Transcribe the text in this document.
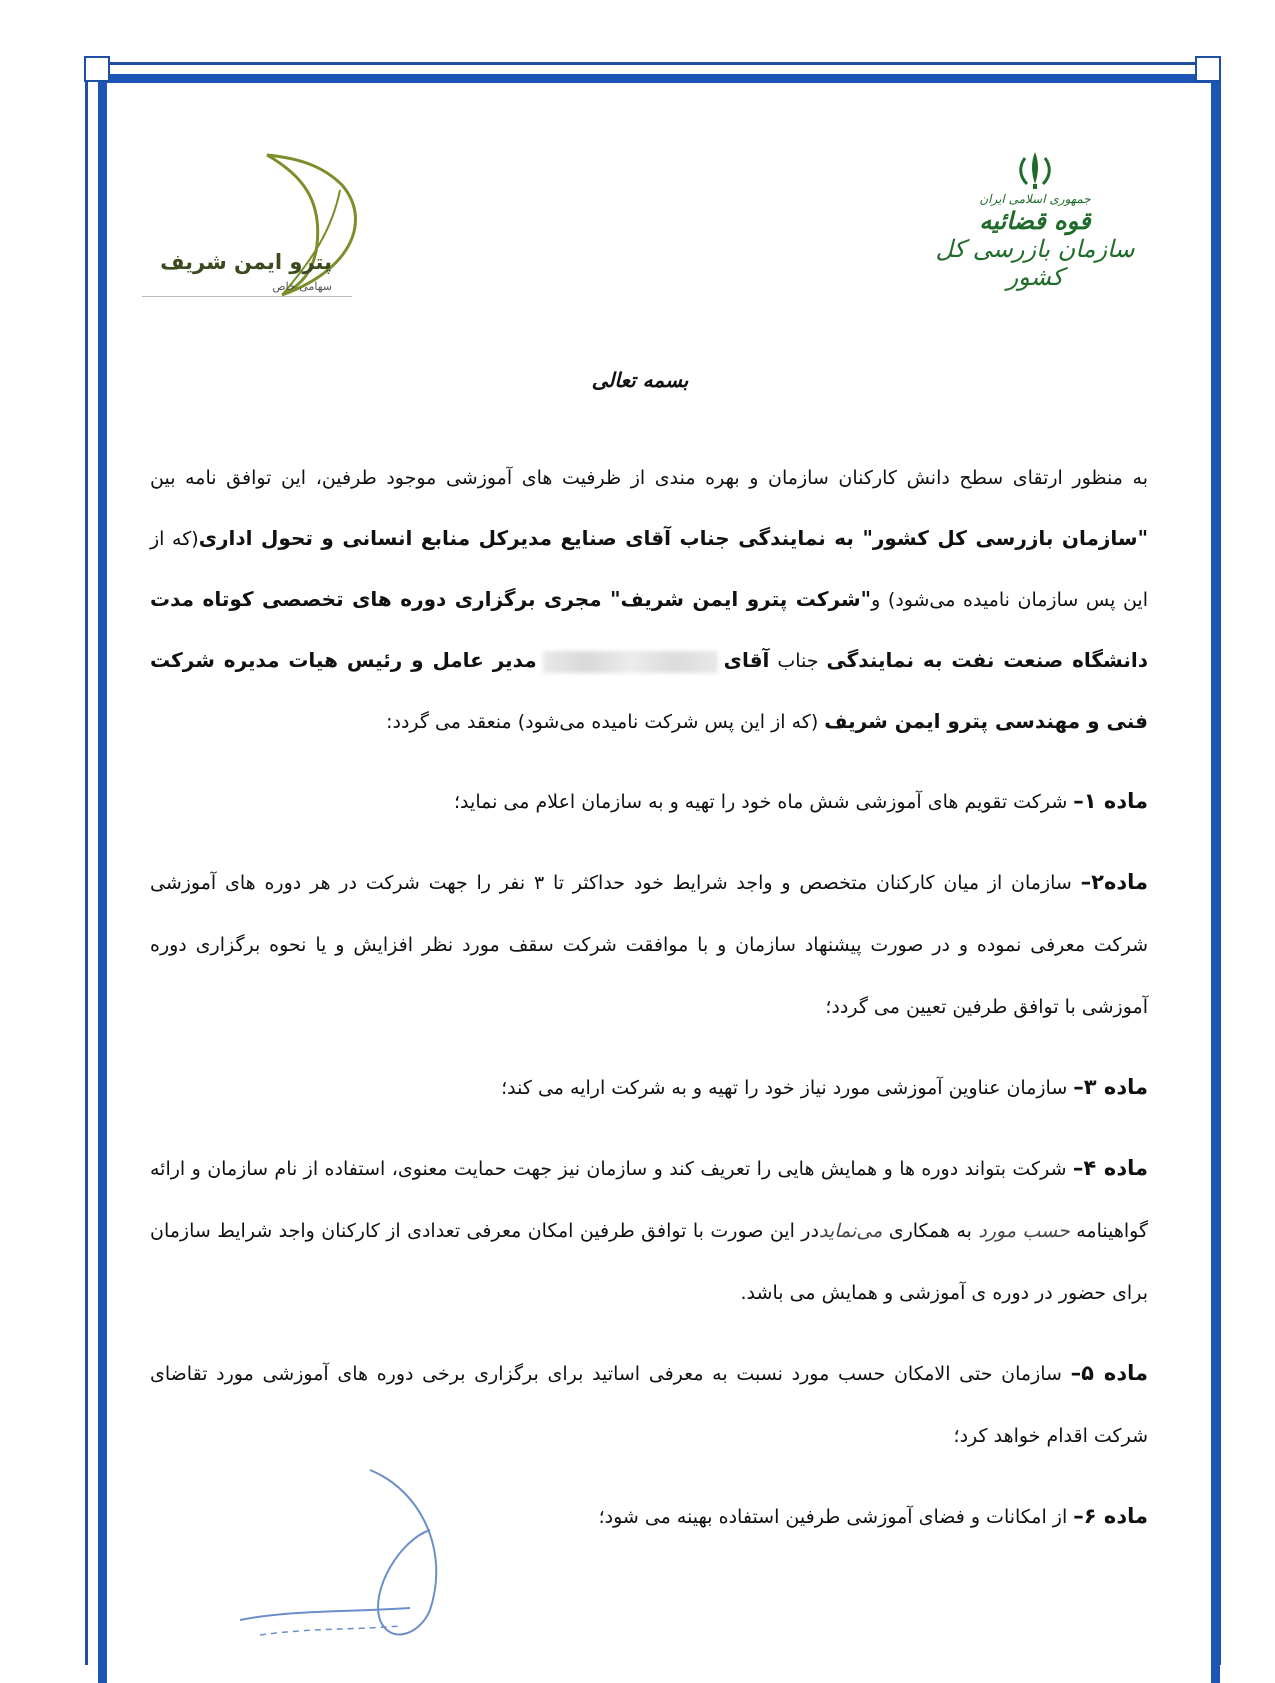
جمهوری اسلامی ایران
قوه قضائیه
سازمان بازرسی کل کشور
پترو ایمن شریف
سهامی خاص
بسمه تعالی

به منظور ارتقای سطح دانش کارکنان سازمان و بهره مندی از ظرفیت های آموزشی موجود طرفین، این توافق نامه بین "سازمان بازرسی کل کشور" به نمایندگی جناب آقای صنایع مدیرکل منابع انسانی و تحول اداری(که از این پس سازمان نامیده می‌شود) و"شرکت پترو ایمن شریف" مجری برگزاری دوره های تخصصی کوتاه مدت دانشگاه صنعت نفت به نمایندگی جناب آقایمدیر عامل و رئیس هیات مدیره شرکت فنی و مهندسی پترو ایمن شریف (که از این پس شرکت نامیده می‌شود) منعقد می گردد:

ماده ۱– شرکت تقویم های آموزشی شش ماه خود را تهیه و به سازمان اعلام می نماید؛

ماده۲– سازمان از میان کارکنان متخصص و واجد شرایط خود حداکثر تا ۳ نفر را جهت شرکت در هر دوره های آموزشی شرکت معرفی نموده و در صورت پیشنهاد سازمان و با موافقت شرکت سقف مورد نظر افزایش و یا نحوه برگزاری دوره آموزشی با توافق طرفین تعیین می گردد؛

ماده ۳– سازمان عناوین آموزشی مورد نیاز خود را تهیه و به شرکت ارایه می کند؛

ماده ۴– شرکت بتواند دوره ها و همایش هایی را تعریف کند و سازمان نیز جهت حمایت معنوی، استفاده از نام سازمان و ارائه گواهینامه حسب مورد به همکاری می‌نمایددر این صورت با توافق طرفین امکان معرفی تعدادی از کارکنان واجد شرایط سازمان برای حضور در دوره ی آموزشی و همایش می باشد.

ماده ۵– سازمان حتی الامکان حسب مورد نسبت به معرفی اساتید برای برگزاری برخی دوره های آموزشی مورد تقاضای شرکت اقدام خواهد کرد؛

ماده ۶– از امکانات و فضای آموزشی طرفین استفاده بهینه می شود؛
